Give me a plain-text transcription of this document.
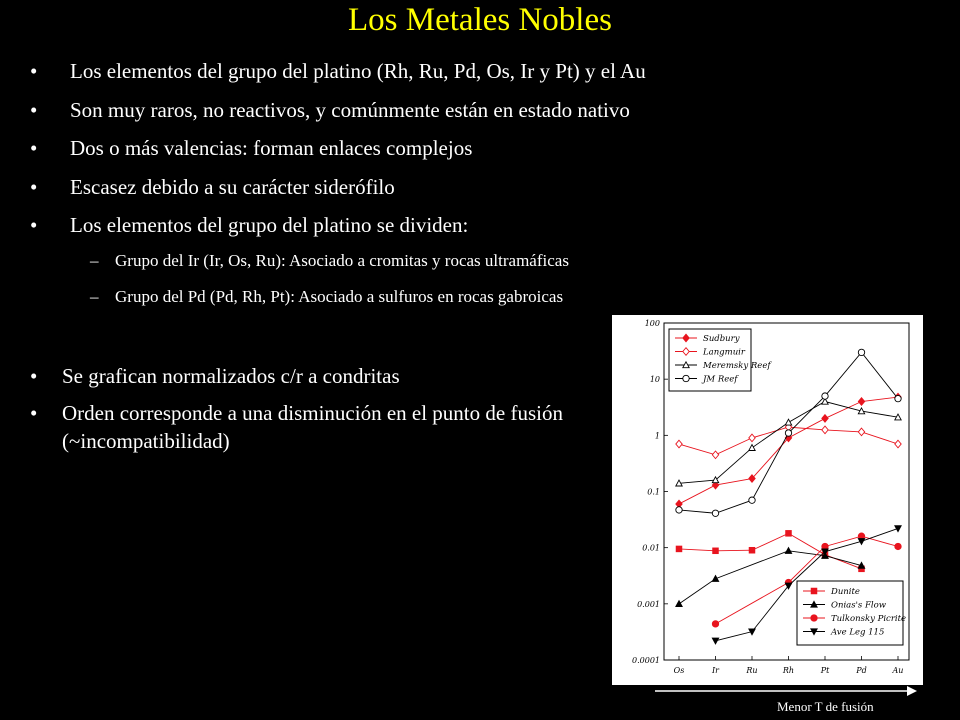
Los Metales Nobles
• Los elementos del grupo del platino (Rh, Ru, Pd, Os, Ir y Pt) y el Au
• Son muy raros, no reactivos, y comúnmente están en estado nativo
• Dos o más valencias: forman enlaces complejos
• Escasez debido a su carácter siderófilo
• Los elementos del grupo del platino se dividen:
– Grupo del Ir (Ir, Os, Ru): Asociado a cromitas y rocas ultramáficas
– Grupo del Pd (Pd, Rh, Pt): Asociado a sulfuros en rocas gabroicas
• Se grafican normalizados c/r a condritas
• Orden corresponde a una disminución en el punto de fusión (~incompatibilidad)
100
10
1
0.1
0.01
0.001
0.0001
Os	Ir	Ru	Rh	Pt	Pd	Au
Sudbury
Langmuir
Meremsky Reef
JM Reef
Dunite
Onias's Flow
Tulkonsky Picrite
Ave Leg 115
Menor T de fusión
